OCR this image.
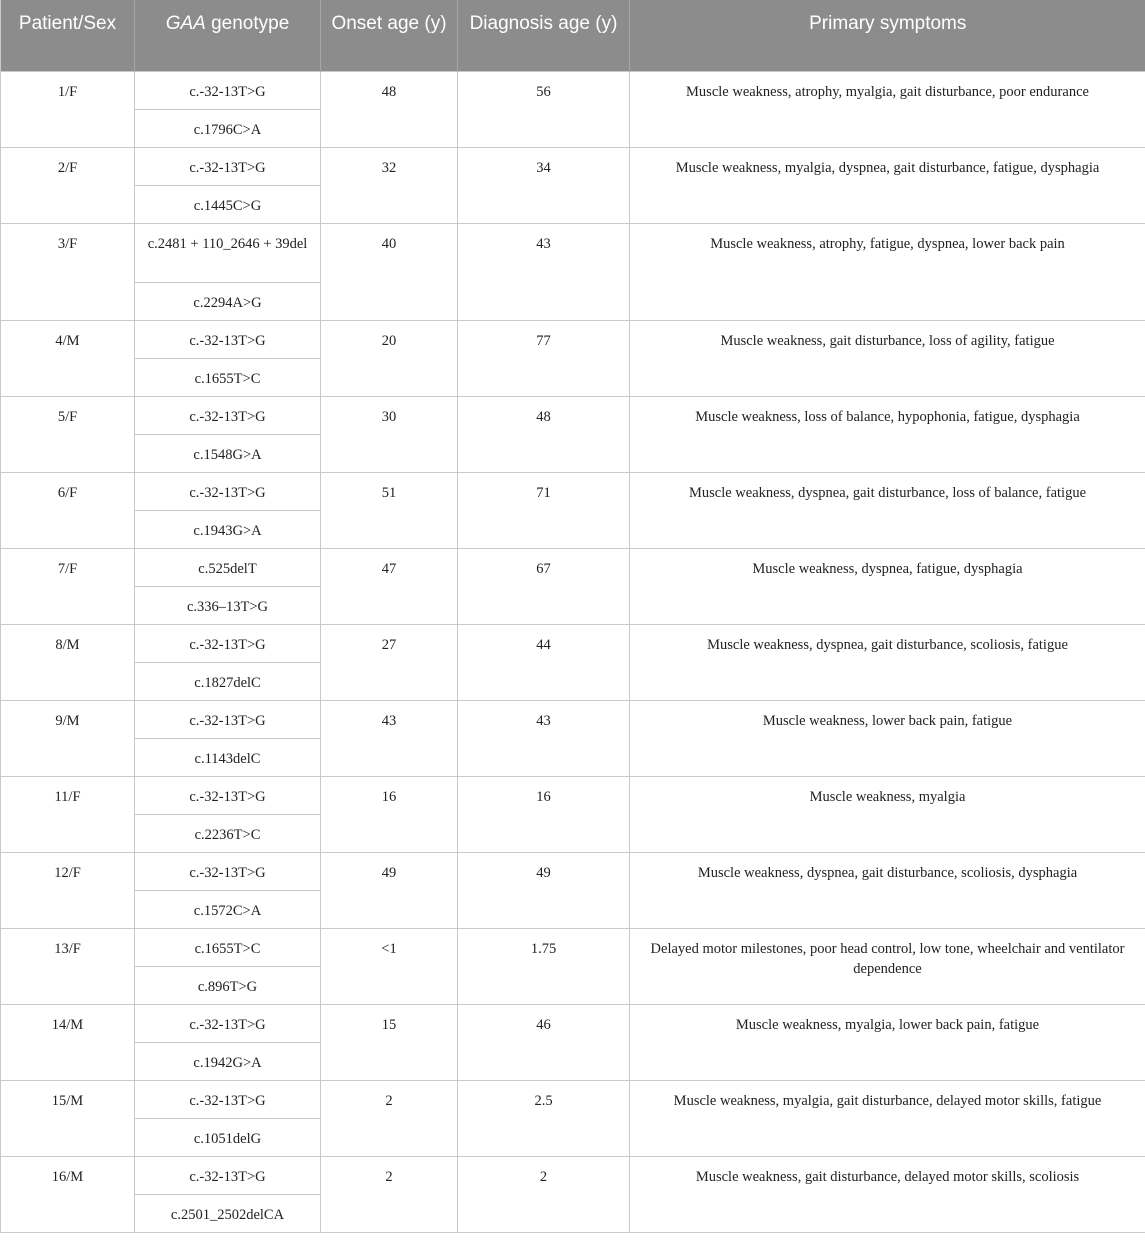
Patient/Sex	GAA genotype	Onset age (y)	Diagnosis age (y)	Primary symptoms
1/F	c.-32-13T>G	48	56	Muscle weakness, atrophy, myalgia, gait disturbance, poor endurance
	c.1796C>A			
2/F	c.-32-13T>G	32	34	Muscle weakness, myalgia, dyspnea, gait disturbance, fatigue, dysphagia
	c.1445C>G			
3/F	c.2481 + 110_2646 + 39del	40	43	Muscle weakness, atrophy, fatigue, dyspnea, lower back pain
	c.2294A>G			
4/M	c.-32-13T>G	20	77	Muscle weakness, gait disturbance, loss of agility, fatigue
	c.1655T>C			
5/F	c.-32-13T>G	30	48	Muscle weakness, loss of balance, hypophonia, fatigue, dysphagia
	c.1548G>A			
6/F	c.-32-13T>G	51	71	Muscle weakness, dyspnea, gait disturbance, loss of balance, fatigue
	c.1943G>A			
7/F	c.525delT	47	67	Muscle weakness, dyspnea, fatigue, dysphagia
	c.336–13T>G			
8/M	c.-32-13T>G	27	44	Muscle weakness, dyspnea, gait disturbance, scoliosis, fatigue
	c.1827delC			
9/M	c.-32-13T>G	43	43	Muscle weakness, lower back pain, fatigue
	c.1143delC			
11/F	c.-32-13T>G	16	16	Muscle weakness, myalgia
	c.2236T>C			
12/F	c.-32-13T>G	49	49	Muscle weakness, dyspnea, gait disturbance, scoliosis, dysphagia
	c.1572C>A			
13/F	c.1655T>C	<1	1.75	Delayed motor milestones, poor head control, low tone, wheelchair and ventilator dependence
	c.896T>G			
14/M	c.-32-13T>G	15	46	Muscle weakness, myalgia, lower back pain, fatigue
	c.1942G>A			
15/M	c.-32-13T>G	2	2.5	Muscle weakness, myalgia, gait disturbance, delayed motor skills, fatigue
	c.1051delG			
16/M	c.-32-13T>G	2	2	Muscle weakness, gait disturbance, delayed motor skills, scoliosis
	c.2501_2502delCA			
